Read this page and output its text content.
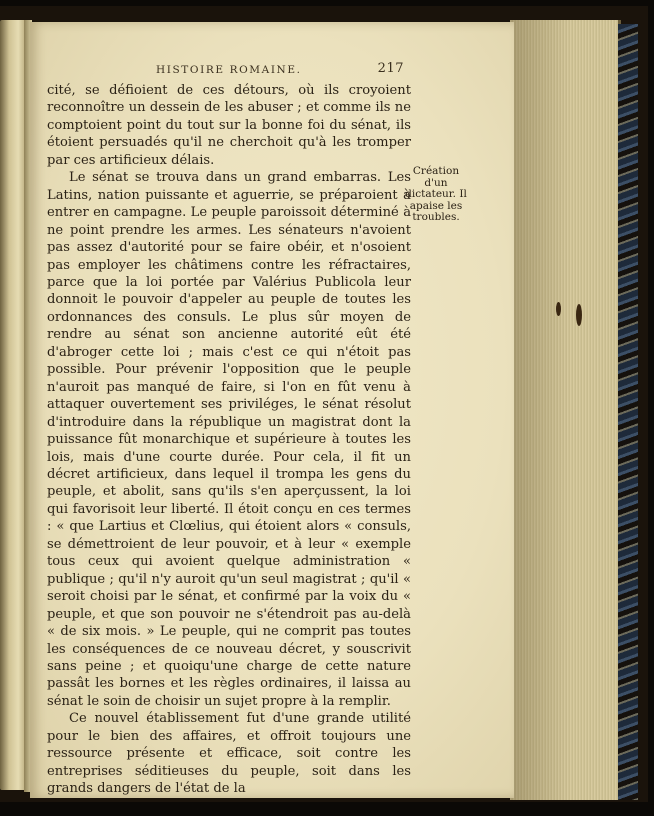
HISTOIRE ROMAINE.	217

cité, se défioient de ces détours, où ils croyoient reconnoître un dessein de les abuser ; et comme ils ne comptoient point du tout sur la bonne foi du sénat, ils étoient persuadés qu'il ne cherchoit qu'à les tromper par ces artificieux délais.

Le sénat se trouva dans un grand embarras. Les Latins, nation puissante et aguerrie, se préparoient à entrer en campagne. Le peuple paroissoit déterminé à ne point prendre les armes. Les sénateurs n'avoient pas assez d'autorité pour se faire obéir, et n'osoient pas employer les châtimens contre les réfractaires, parce que la loi portée par Valérius Publicola leur donnoit le pouvoir d'appeler au peuple de toutes les ordonnances des consuls. Le plus sûr moyen de rendre au sénat son ancienne autorité eût été d'abroger cette loi ; mais c'est ce qui n'étoit pas possible. Pour prévenir l'opposition que le peuple n'auroit pas manqué de faire, si l'on en fût venu à attaquer ouvertement ses priviléges, le sénat résolut d'introduire dans la république un magistrat dont la puissance fût monarchique et supérieure à toutes les lois, mais d'une courte durée. Pour cela, il fit un décret artificieux, dans lequel il trompa les gens du peuple, et abolit, sans qu'ils s'en aperçussent, la loi qui favorisoit leur liberté. Il étoit conçu en ces termes : « que Lartius et Clœlius, qui étoient alors « consuls, se démettroient de leur pouvoir, et à leur « exemple tous ceux qui avoient quelque administration « publique ; qu'il n'y auroit qu'un seul magistrat ; qu'il « seroit choisi par le sénat, et confirmé par la voix du « peuple, et que son pouvoir ne s'étendroit pas au-delà « de six mois. » Le peuple, qui ne comprit pas toutes les conséquences de ce nouveau décret, y souscrivit sans peine ; et quoiqu'une charge de cette nature passât les bornes et les règles ordinaires, il laissa au sénat le soin de choisir un sujet propre à la remplir.

Ce nouvel établissement fut d'une grande utilité pour le bien des affaires, et offroit toujours une ressource présente et efficace, soit contre les entreprises séditieuses du peuple, soit dans les grands dangers de l'état de la

Création d'un dictateur. Il apaise les troubles.
